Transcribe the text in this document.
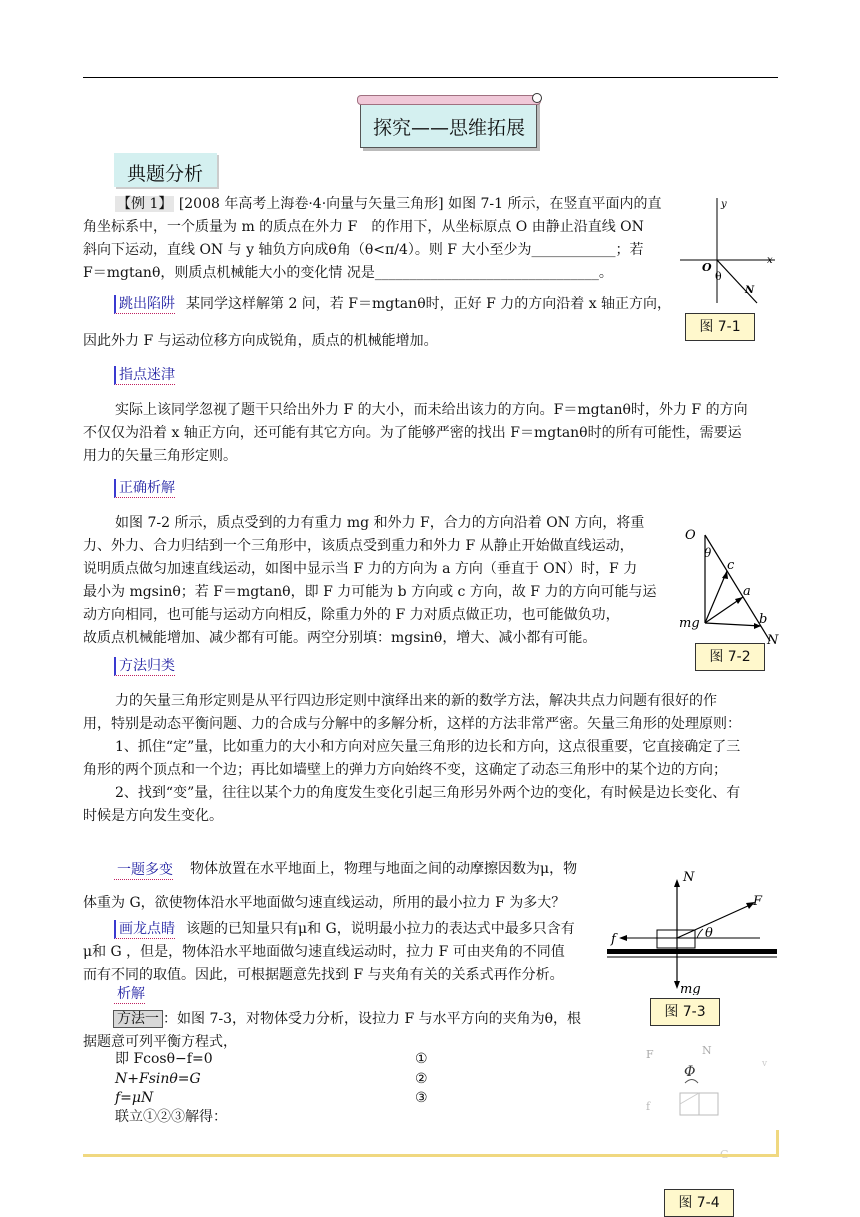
探究——思维拓展
典题分析
【例 1】 [2008 年高考上海卷·4·向量与矢量三角形] 如图 7-1 所示，在竖直平面内的直
角坐标系中，一个质量为 m 的质点在外力 F　的作用下，从坐标原点 O 由静止沿直线 ON
斜向下运动，直线 ON 与 y 轴负方向成θ角（θ<π/4）。则 F 大小至少为____________；若
F＝mgtanθ，则质点机械能大小的变化情 况是________________________________。
y
x
O
θ
N
图 7-1
跳出陷阱 某同学这样解第 2 问，若 F＝mgtanθ时，正好 F 力的方向沿着 x 轴正方向，
因此外力 F 与运动位移方向成锐角，质点的机械能增加。
指点迷津
实际上该同学忽视了题干只给出外力 F 的大小，而未给出该力的方向。F＝mgtanθ时，外力 F 的方向
不仅仅为沿着 x 轴正方向，还可能有其它方向。为了能够严密的找出 F＝mgtanθ时的所有可能性，需要运
用力的矢量三角形定则。
正确析解
如图 7-2 所示，质点受到的力有重力 mg 和外力 F，合力的方向沿着 ON 方向，将重
力、外力、合力归结到一个三角形中，该质点受到重力和外力 F 从静止开始做直线运动，
说明质点做匀加速直线运动，如图中显示当 F 力的方向为 a 方向（垂直于 ON）时，F 力
最小为 mgsinθ；若 F＝mgtanθ，即 F 力可能为 b 方向或 c 方向，故 F 力的方向可能与运
动方向相同，也可能与运动方向相反，除重力外的 F 力对质点做正功，也可能做负功，
故质点机械能增加、减少都有可能。两空分别填：mgsinθ，增大、减小都有可能。
O
θ
c
a
b
mg
N
图 7-2
方法归类
力的矢量三角形定则是从平行四边形定则中演绎出来的新的数学方法，解决共点力问题有很好的作
用，特别是动态平衡问题、力的合成与分解中的多解分析，这样的方法非常严密。矢量三角形的处理原则：
1、抓住“定”量，比如重力的大小和方向对应矢量三角形的边长和方向，这点很重要，它直接确定了三
角形的两个顶点和一个边；再比如墙壁上的弹力方向始终不变，这确定了动态三角形中的某个边的方向；
2、找到“变”量，往往以某个力的角度发生变化引起三角形另外两个边的变化，有时候是边长变化、有
时候是方向发生变化。
一题多变 物体放置在水平地面上，物理与地面之间的动摩擦因数为μ，物
体重为 G，欲使物体沿水平地面做匀速直线运动，所用的最小拉力 F 为多大？
画龙点睛 该题的已知量只有μ和 G，说明最小拉力的表达式中最多只含有
μ和 G ，但是，物体沿水平地面做匀速直线运动时，拉力 F 可由夹角的不同值
而有不同的取值。因此，可根据题意先找到 F 与夹角有关的关系式再作分析。
析解
方法一 ：如图 7-3，对物体受力分析，设拉力 F 与水平方向的夹角为θ，根
据题意可列平衡方程式，
即 Fcosθ−f=0	①
N+Fsinθ=G	②
f=μN	③
联立①②③解得：
N
F
f	θ
mg
图 7-3
F	N
v
Φ
f
图 7-4
